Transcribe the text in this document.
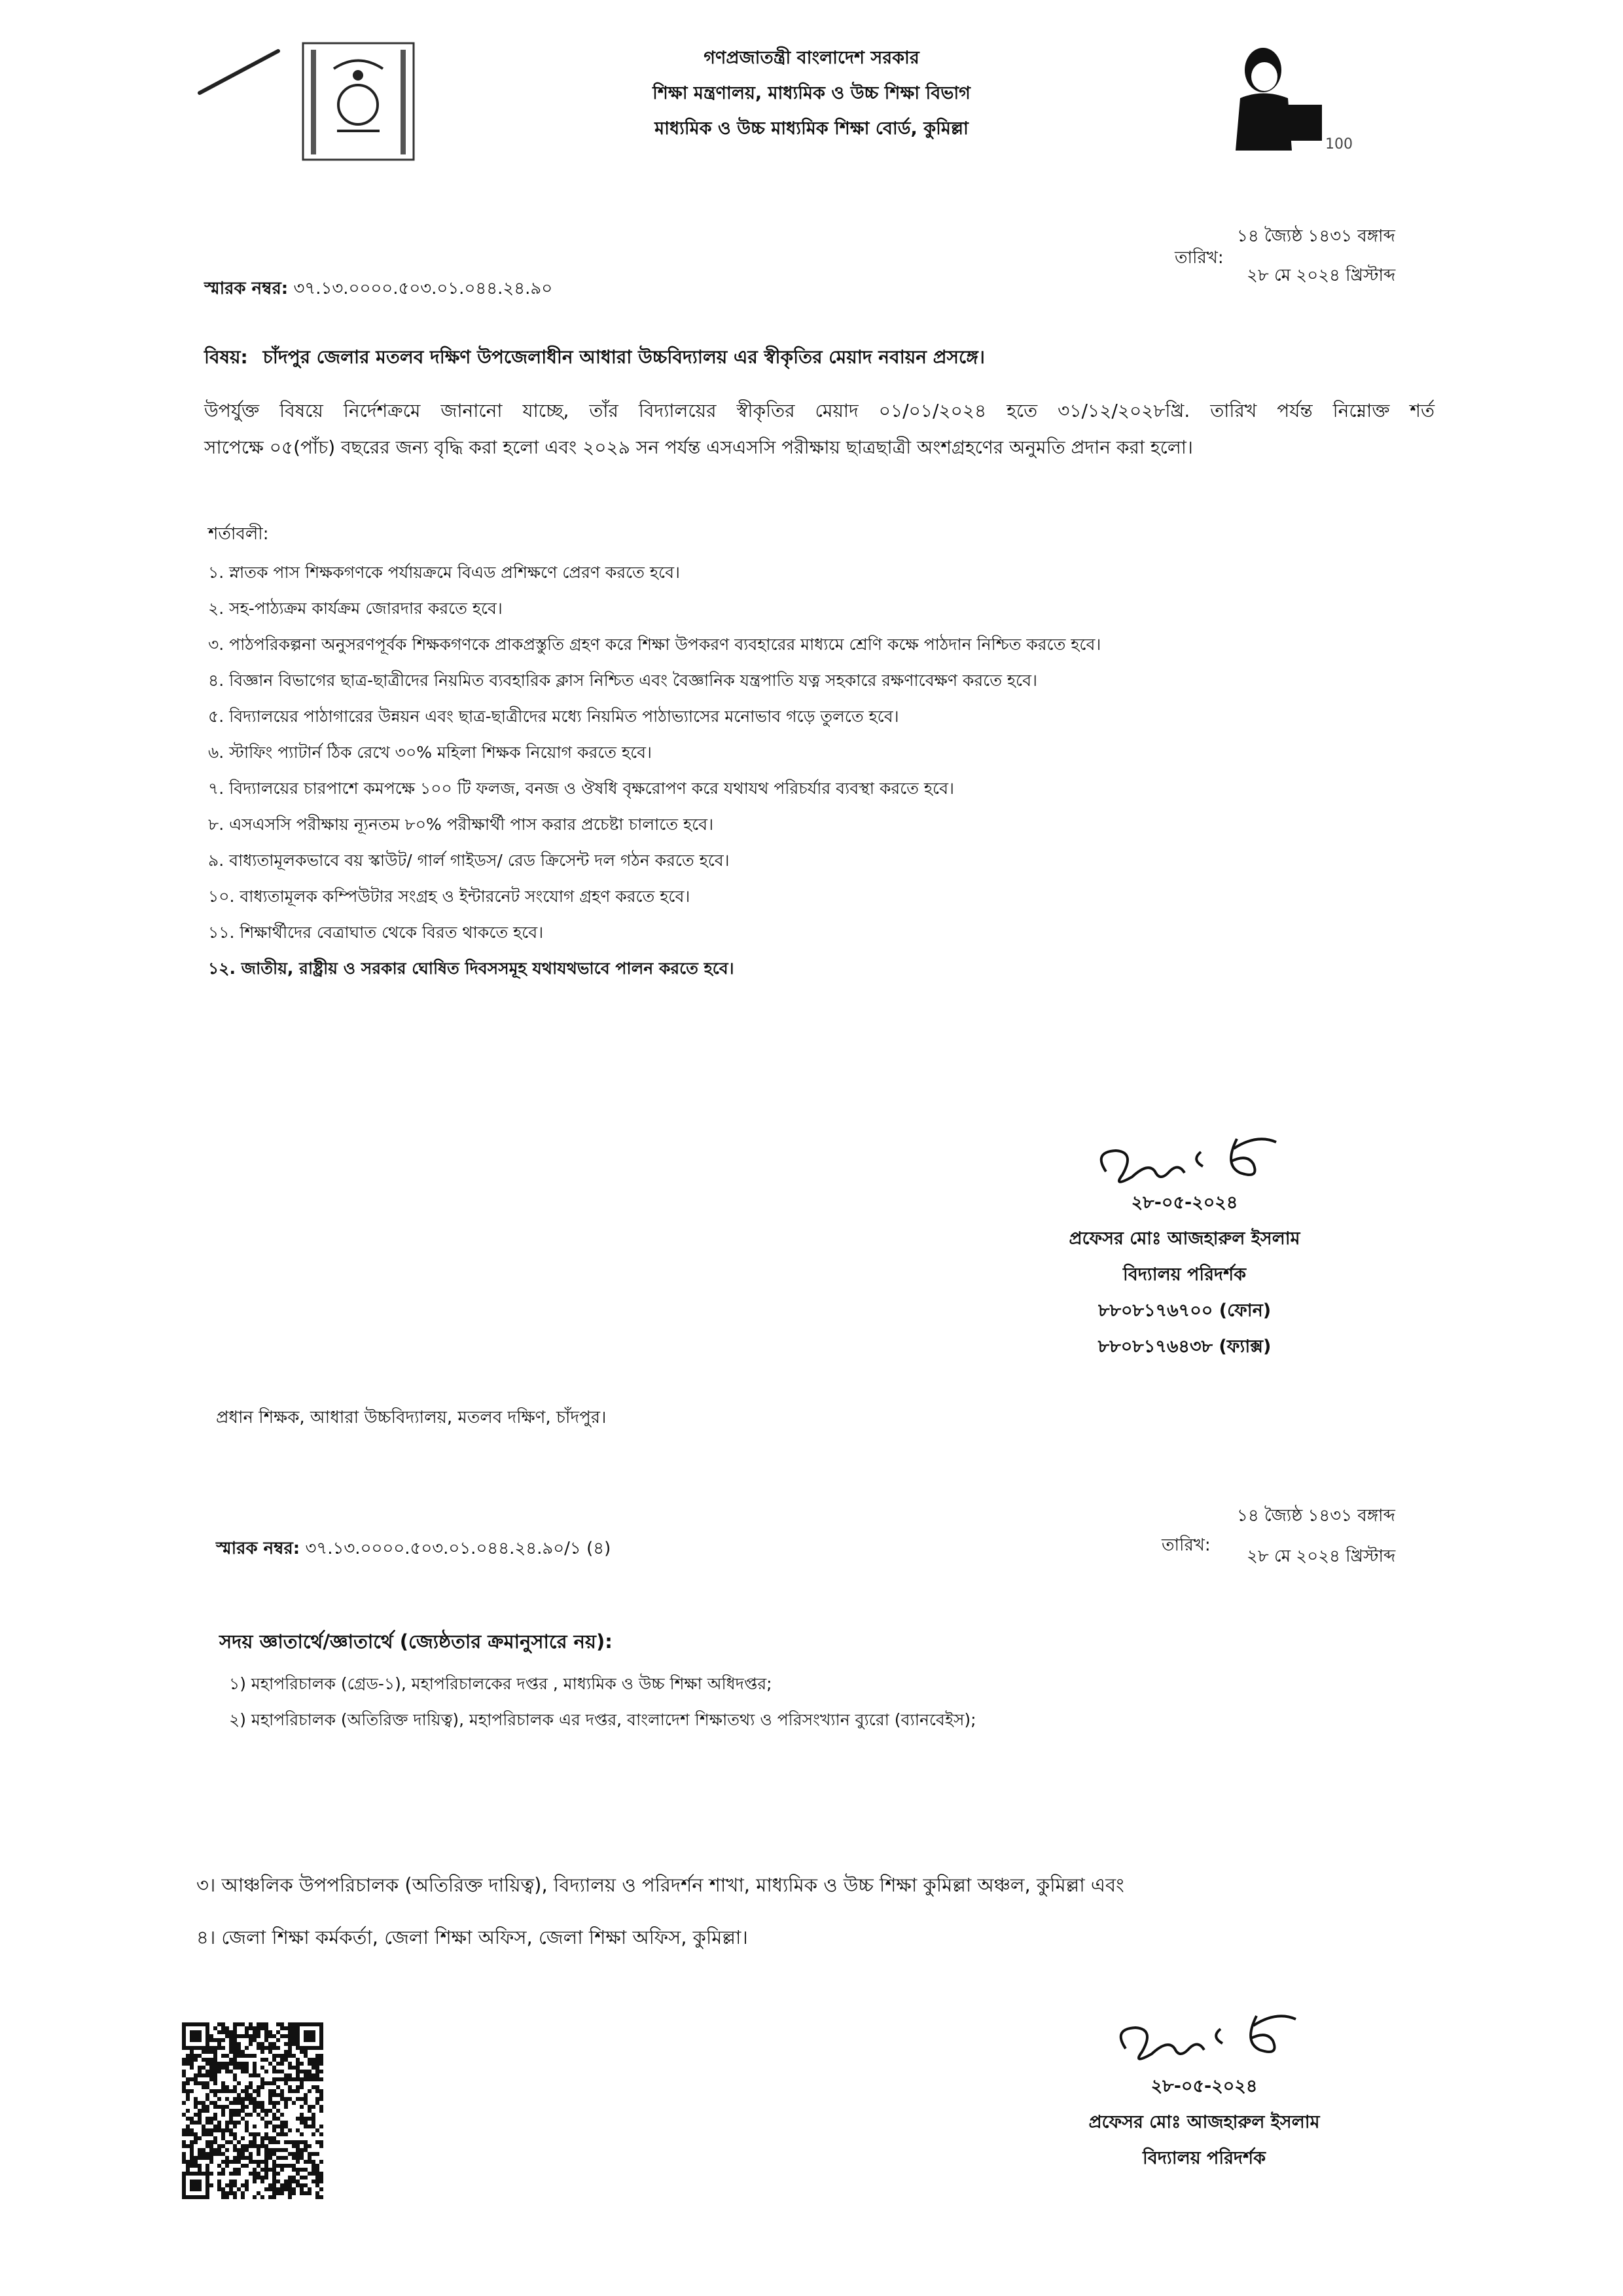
গণপ্রজাতন্ত্রী বাংলাদেশ সরকার
শিক্ষা মন্ত্রণালয়, মাধ্যমিক ও উচ্চ শিক্ষা বিভাগ
মাধ্যমিক ও উচ্চ মাধ্যমিক শিক্ষা বোর্ড, কুমিল্লা
100
১৪ জ্যৈষ্ঠ ১৪৩১ বঙ্গাব্দ
তারিখ:
২৮ মে ২০২৪ খ্রিস্টাব্দ
স্মারক নম্বর: ৩৭.১৩.০০০০.৫০৩.০১.০৪৪.২৪.৯০
বিষয়: চাঁদপুর জেলার মতলব দক্ষিণ উপজেলাধীন আধারা উচ্চবিদ্যালয় এর স্বীকৃতির মেয়াদ নবায়ন প্রসঙ্গে।
উপর্যুক্ত বিষয়ে নির্দেশক্রমে জানানো যাচ্ছে, তাঁর বিদ্যালয়ের স্বীকৃতির মেয়াদ ০১/০১/২০২৪ হতে ৩১/১২/২০২৮খ্রি. তারিখ পর্যন্ত নিম্নোক্ত শর্ত
সাপেক্ষে ০৫(পাঁচ) বছরের জন্য বৃদ্ধি করা হলো এবং ২০২৯ সন পর্যন্ত এসএসসি পরীক্ষায় ছাত্রছাত্রী অংশগ্রহণের অনুমতি প্রদান করা হলো।
শর্তাবলী:
১. স্নাতক পাস শিক্ষকগণকে পর্যায়ক্রমে বিএড প্রশিক্ষণে প্রেরণ করতে হবে।
২. সহ-পাঠ্যক্রম কার্যক্রম জোরদার করতে হবে।
৩. পাঠপরিকল্পনা অনুসরণপূর্বক শিক্ষকগণকে প্রাকপ্রস্তুতি গ্রহণ করে শিক্ষা উপকরণ ব্যবহারের মাধ্যমে শ্রেণি কক্ষে পাঠদান নিশ্চিত করতে হবে।
৪. বিজ্ঞান বিভাগের ছাত্র-ছাত্রীদের নিয়মিত ব্যবহারিক ক্লাস নিশ্চিত এবং বৈজ্ঞানিক যন্ত্রপাতি যত্ন সহকারে রক্ষণাবেক্ষণ করতে হবে।
৫. বিদ্যালয়ের পাঠাগারের উন্নয়ন এবং ছাত্র-ছাত্রীদের মধ্যে নিয়মিত পাঠাভ্যাসের মনোভাব গড়ে তুলতে হবে।
৬. স্টাফিং প্যাটার্ন ঠিক রেখে ৩০% মহিলা শিক্ষক নিয়োগ করতে হবে।
৭. বিদ্যালয়ের চারপাশে কমপক্ষে ১০০ টি ফলজ, বনজ ও ঔষধি বৃক্ষরোপণ করে যথাযথ পরিচর্যার ব্যবস্থা করতে হবে।
৮. এসএসসি পরীক্ষায় ন্যূনতম ৮০% পরীক্ষার্থী পাস করার প্রচেষ্টা চালাতে হবে।
৯. বাধ্যতামূলকভাবে বয় স্কাউট/ গার্ল গাইডস/ রেড ক্রিসেন্ট দল গঠন করতে হবে।
১০. বাধ্যতামূলক কম্পিউটার সংগ্রহ ও ইন্টারনেট সংযোগ গ্রহণ করতে হবে।
১১. শিক্ষার্থীদের বেত্রাঘাত থেকে বিরত থাকতে হবে।
১২. জাতীয়, রাষ্ট্রীয় ও সরকার ঘোষিত দিবসসমূহ যথাযথভাবে পালন করতে হবে।
২৮-০৫-২০২৪
প্রফেসর মোঃ আজহারুল ইসলাম
বিদ্যালয় পরিদর্শক
৮৮০৮১৭৬৭০০ (ফোন)
৮৮০৮১৭৬৪৩৮ (ফ্যাক্স)
প্রধান শিক্ষক, আধারা উচ্চবিদ্যালয়, মতলব দক্ষিণ, চাঁদপুর।
১৪ জ্যৈষ্ঠ ১৪৩১ বঙ্গাব্দ
তারিখ:
২৮ মে ২০২৪ খ্রিস্টাব্দ
স্মারক নম্বর: ৩৭.১৩.০০০০.৫০৩.০১.০৪৪.২৪.৯০/১ (৪)
সদয় জ্ঞাতার্থে/জ্ঞাতার্থে (জ্যেষ্ঠতার ক্রমানুসারে নয়):
১) মহাপরিচালক (গ্রেড-১), মহাপরিচালকের দপ্তর , মাধ্যমিক ও উচ্চ শিক্ষা অধিদপ্তর;
২) মহাপরিচালক (অতিরিক্ত দায়িত্ব), মহাপরিচালক এর দপ্তর, বাংলাদেশ শিক্ষাতথ্য ও পরিসংখ্যান ব্যুরো (ব্যানবেইস);
৩। আঞ্চলিক উপপরিচালক (অতিরিক্ত দায়িত্ব), বিদ্যালয় ও পরিদর্শন শাখা, মাধ্যমিক ও উচ্চ শিক্ষা কুমিল্লা অঞ্চল, কুমিল্লা এবং
৪। জেলা শিক্ষা কর্মকর্তা, জেলা শিক্ষা অফিস, জেলা শিক্ষা অফিস, কুমিল্লা।
২৮-০৫-২০২৪
প্রফেসর মোঃ আজহারুল ইসলাম
বিদ্যালয় পরিদর্শক
